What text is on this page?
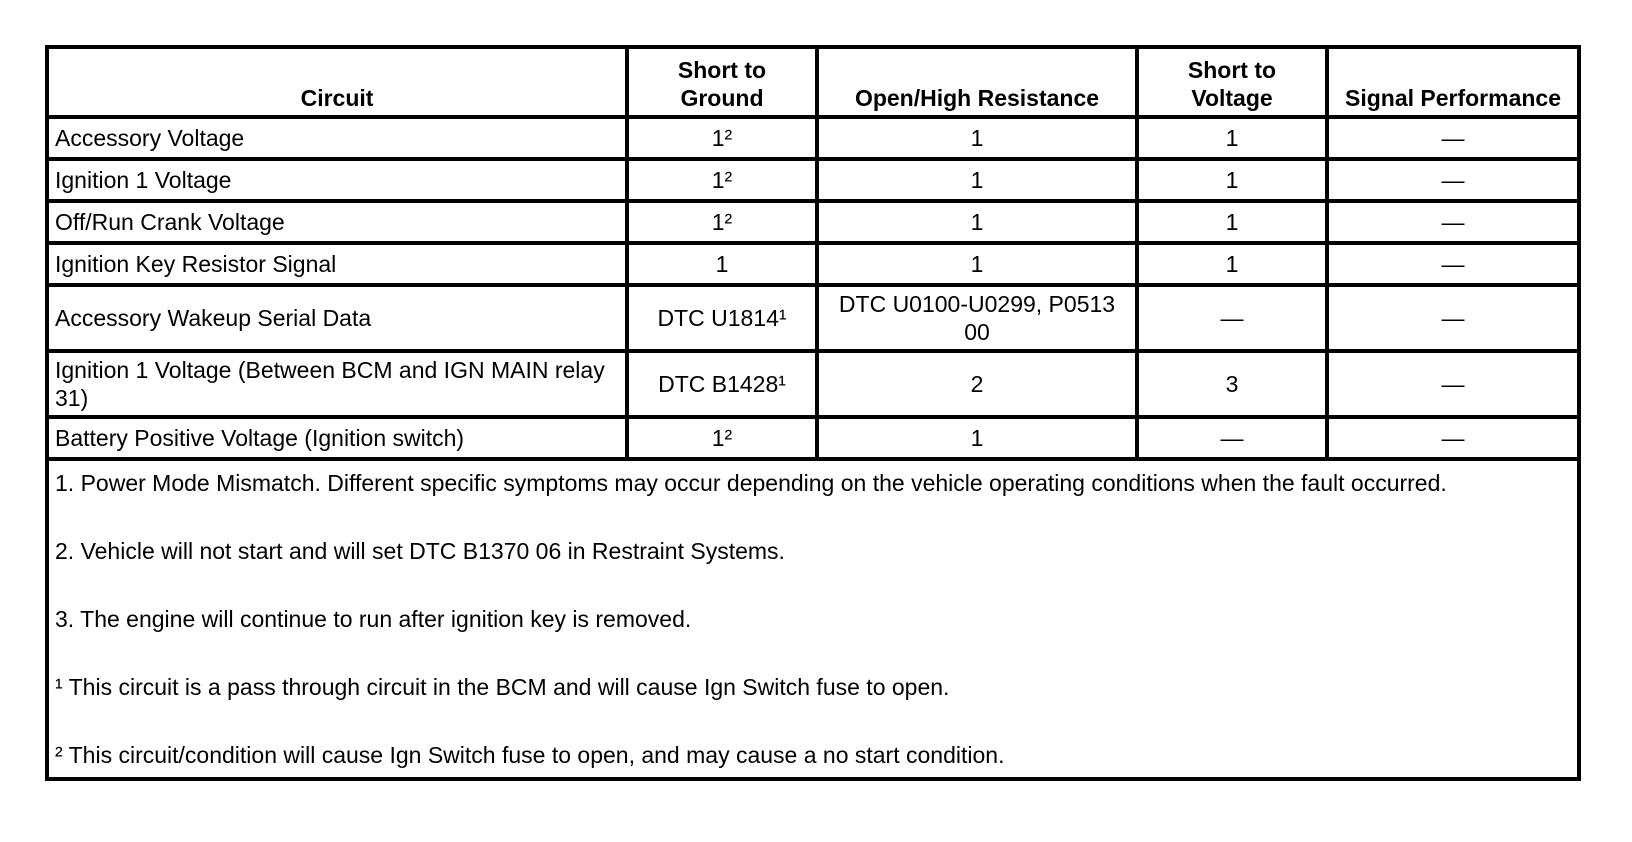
Circuit	Short to Ground	Open/High Resistance	Short to Voltage	Signal Performance
Accessory Voltage	1²	1	1	—
Ignition 1 Voltage	1²	1	1	—
Off/Run Crank Voltage	1²	1	1	—
Ignition Key Resistor Signal	1	1	1	—
Accessory Wakeup Serial Data	DTC U1814¹	DTC U0100-U0299, P0513 00	—	—
Ignition 1 Voltage (Between BCM and IGN MAIN relay 31)	DTC B1428¹	2	3	—
Battery Positive Voltage (Ignition switch)	1²	1	—	—

1. Power Mode Mismatch. Different specific symptoms may occur depending on the vehicle operating conditions when the fault occurred.

2. Vehicle will not start and will set DTC B1370 06 in Restraint Systems.

3. The engine will continue to run after ignition key is removed.

¹ This circuit is a pass through circuit in the BCM and will cause Ign Switch fuse to open.

² This circuit/condition will cause Ign Switch fuse to open, and may cause a no start condition.				
